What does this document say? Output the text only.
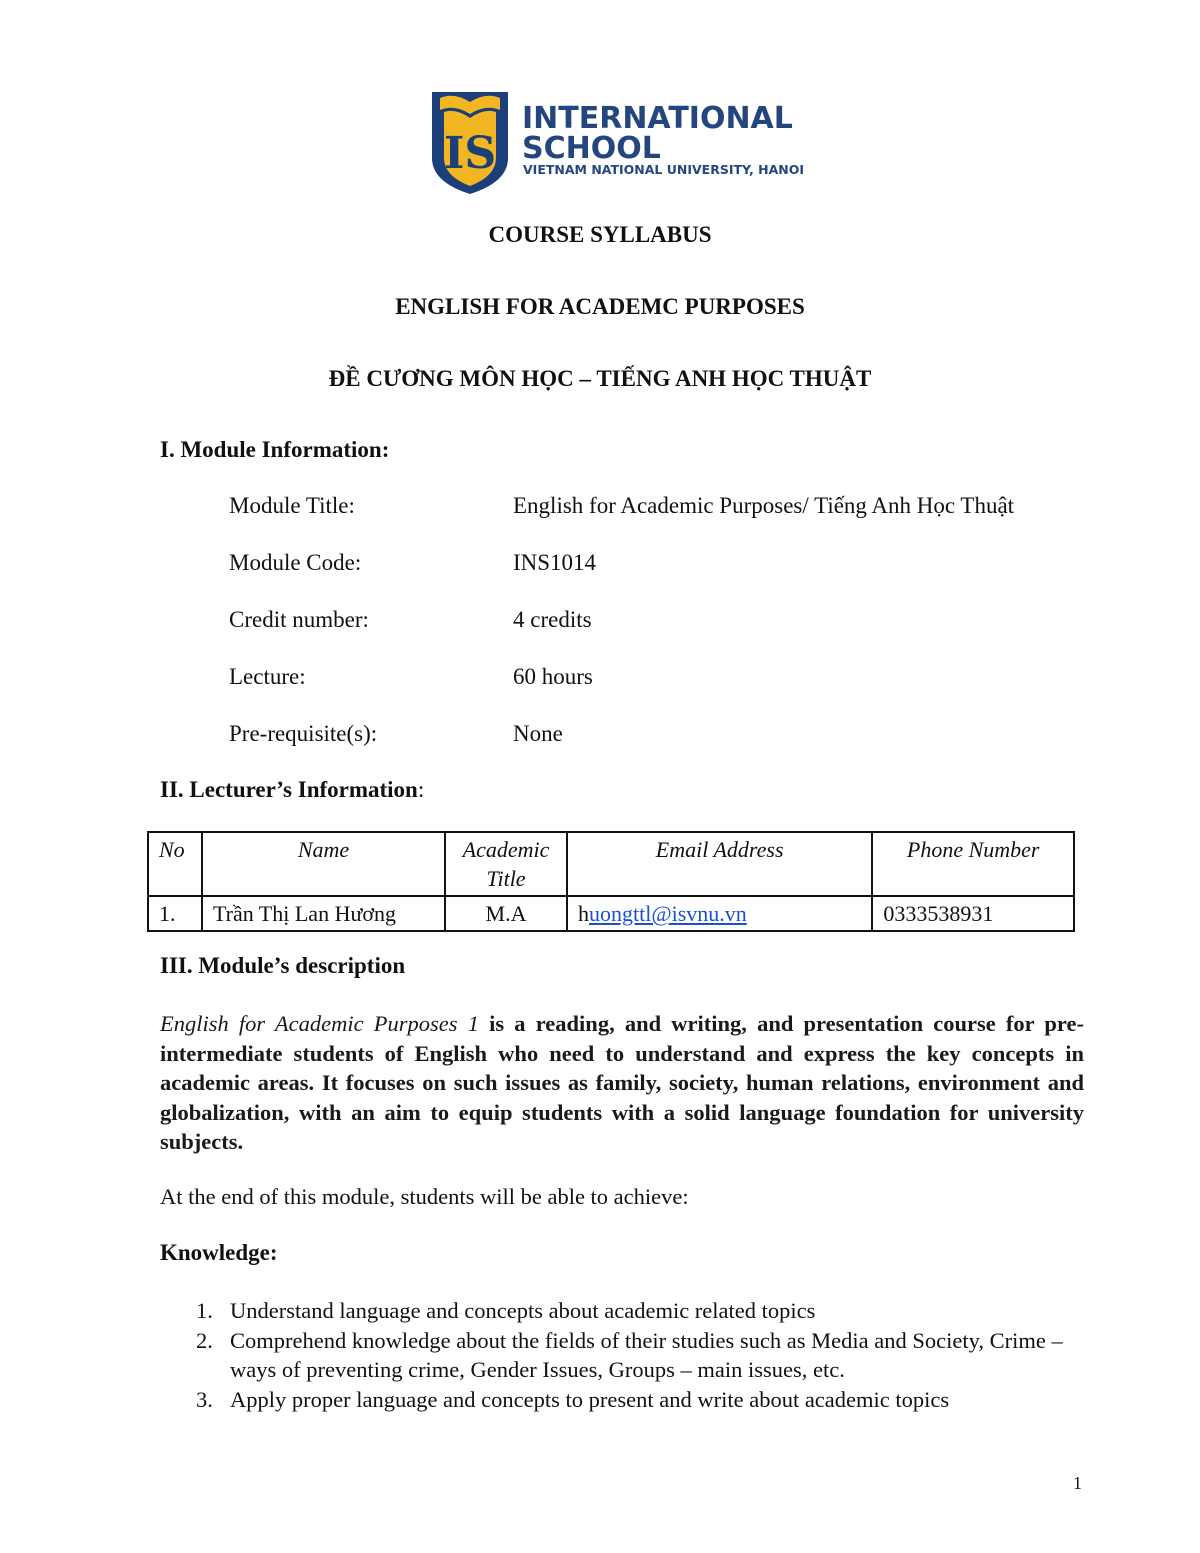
IS
INTERNATIONAL
SCHOOL
VIETNAM NATIONAL UNIVERSITY, HANOI
COURSE SYLLABUS
ENGLISH FOR ACADEMC PURPOSES
ĐỀ CƯƠNG MÔN HỌC – TIẾNG ANH HỌC THUẬT
I. Module Information:
Module Title:	English for Academic Purposes/ Tiếng Anh Học Thuật
Module Code:	INS1014
Credit number:	4 credits
Lecture:	60 hours
Pre-requisite(s):	None
II. Lecturer’s Information:
No	Name	Academic Title	Email Address	Phone Number
1.	Trần Thị Lan Hương	M.A	huongttl@isvnu.vn	0333538931
III. Module’s description
English for Academic Purposes 1 is a reading, and writing, and presentation course for pre-intermediate students of English who need to understand and express the key concepts in academic areas. It focuses on such issues as family, society, human relations, environment and globalization, with an aim to equip students with a solid language foundation for university subjects.
At the end of this module, students will be able to achieve:
Knowledge:
1. Understand language and concepts about academic related topics
2. Comprehend knowledge about the fields of their studies such as Media and Society, Crime – ways of preventing crime, Gender Issues, Groups – main issues, etc.
3. Apply proper language and concepts to present and write about academic topics
1
